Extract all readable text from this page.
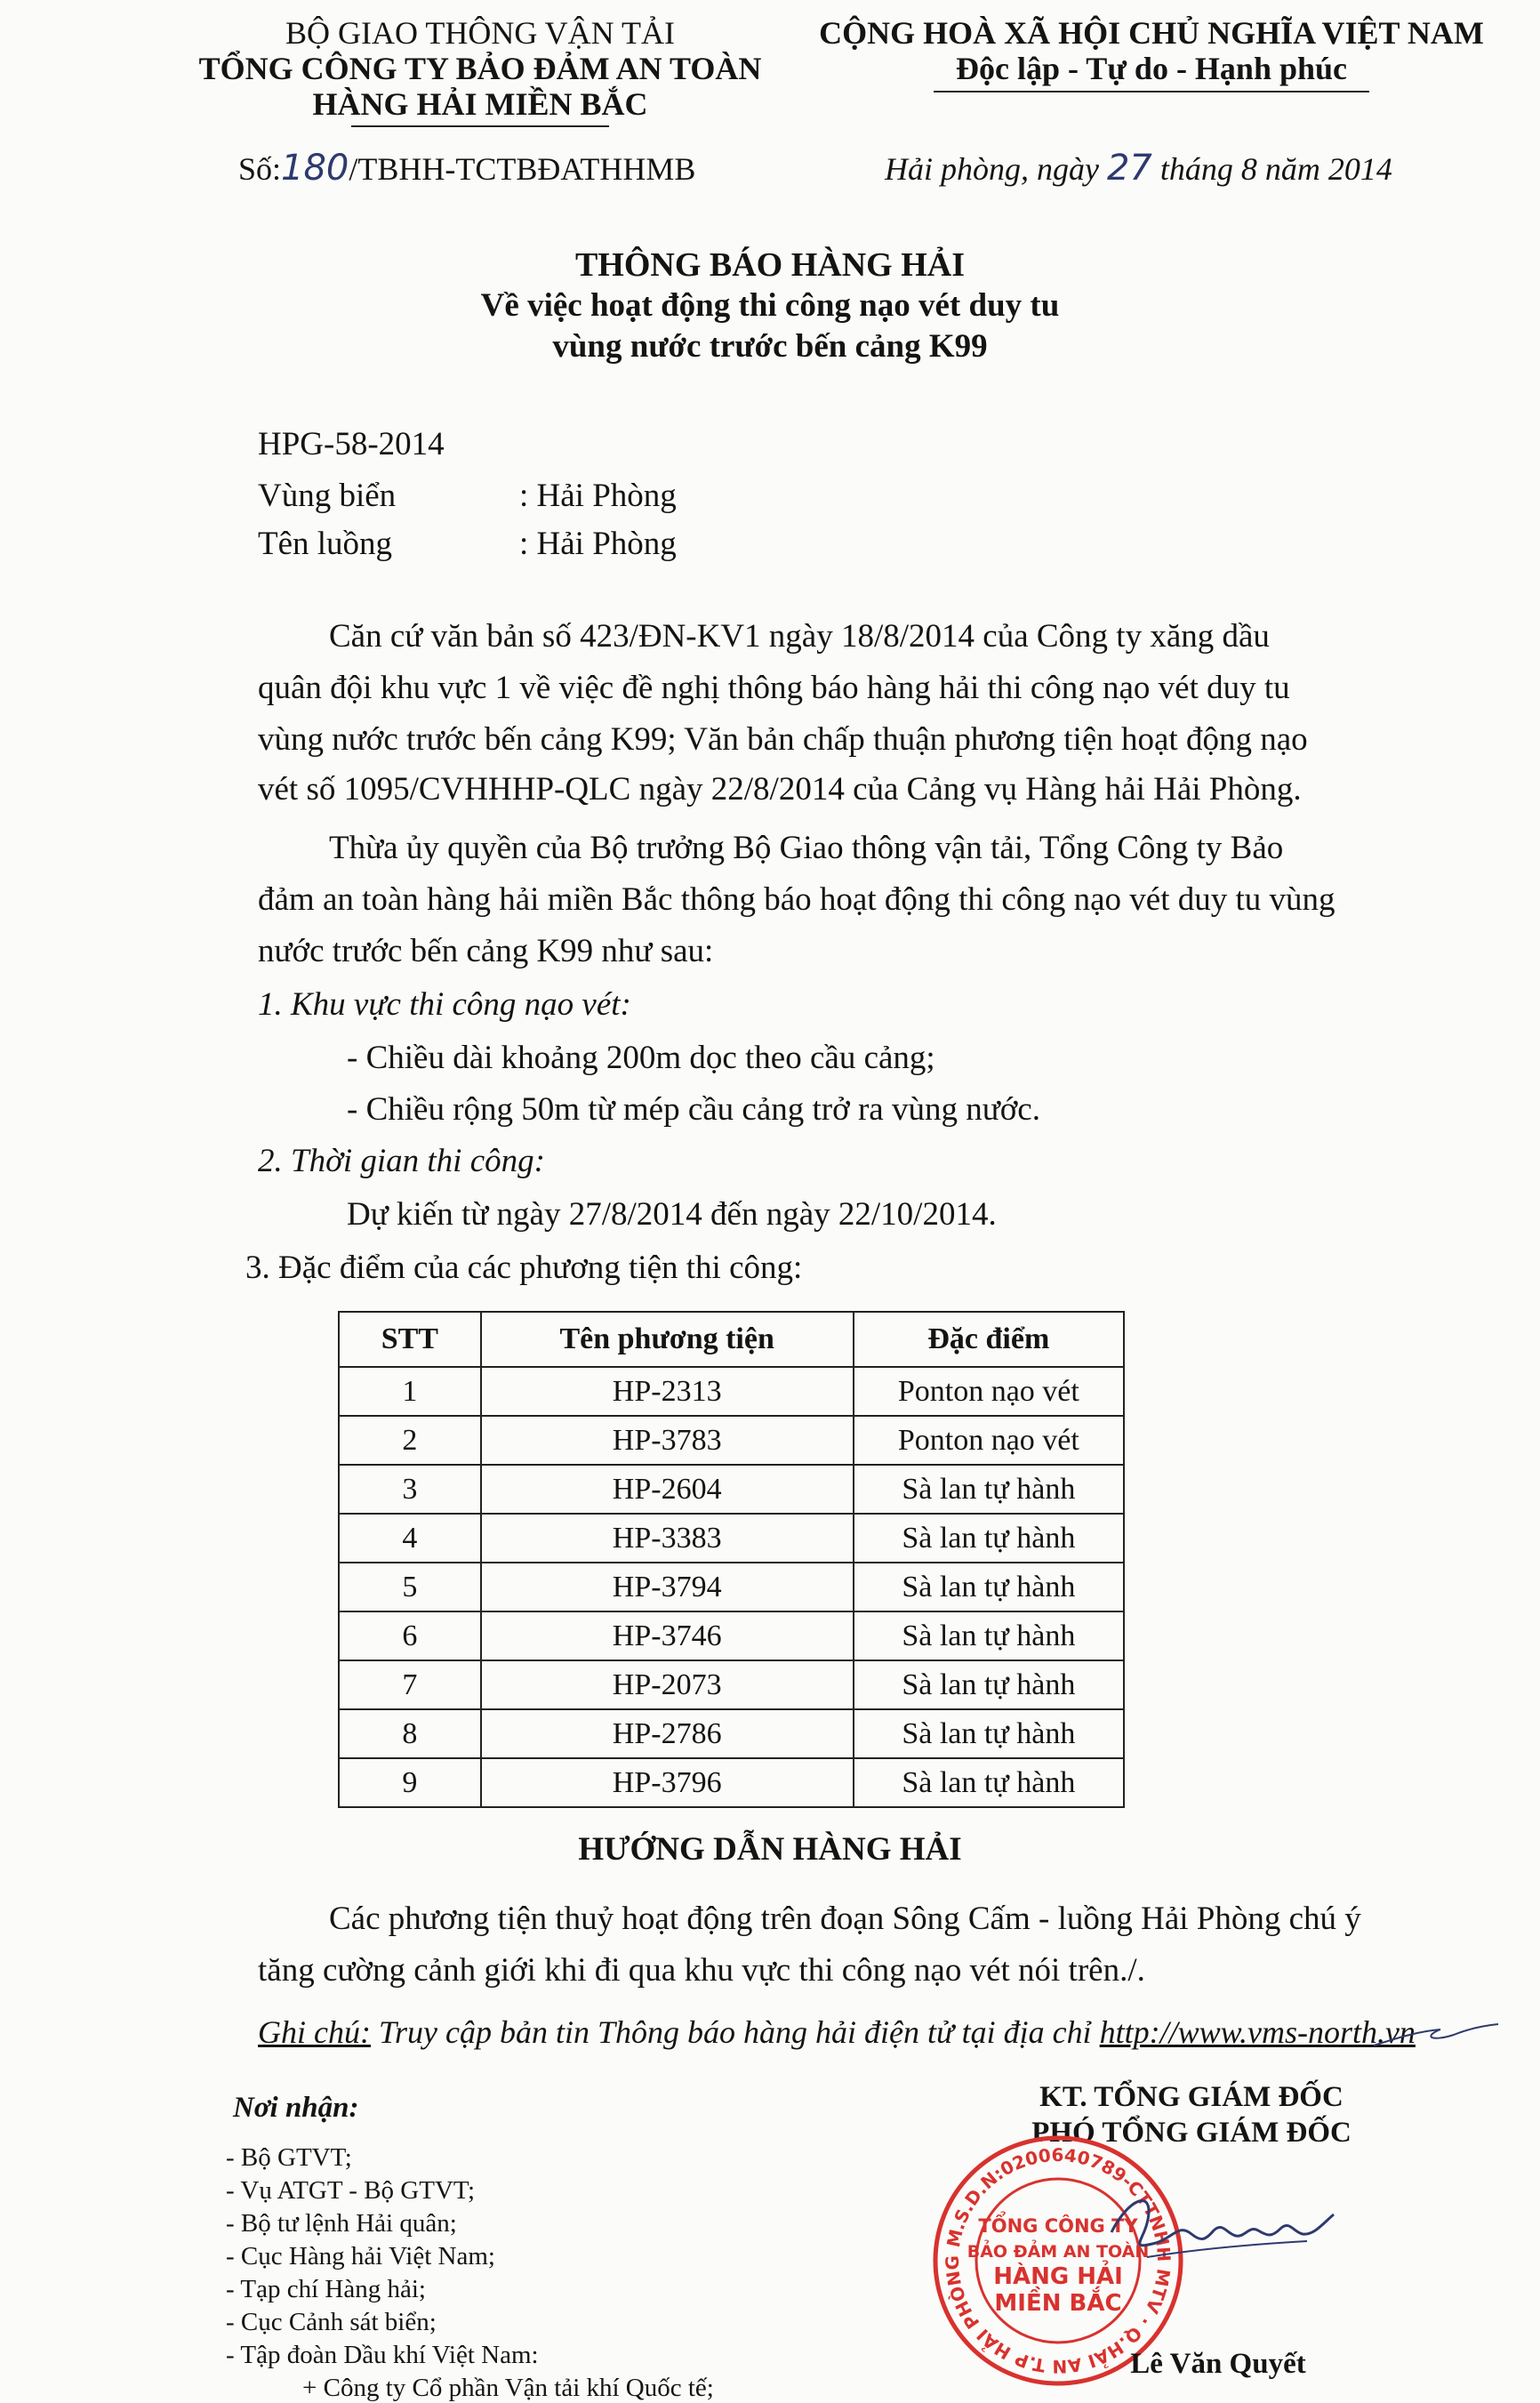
BỘ GIAO THÔNG VẬN TẢI
TỔNG CÔNG TY BẢO ĐẢM AN TOÀN
HÀNG HẢI MIỀN BẮC
Số:180/TBHH-TCTBĐATHHMB
CỘNG HOÀ XÃ HỘI CHỦ NGHĨA VIỆT NAM
Độc lập - Tự do - Hạnh phúc
Hải phòng, ngày 27 tháng 8 năm 2014
THÔNG BÁO HÀNG HẢI
Về việc hoạt động thi công nạo vét duy tu
vùng nước trước bến cảng K99
HPG-58-2014
Vùng biển	: Hải Phòng
Tên luồng	: Hải Phòng
Căn cứ văn bản số 423/ĐN-KV1 ngày 18/8/2014 của Công ty xăng dầu
quân đội khu vực 1 về việc đề nghị thông báo hàng hải thi công nạo vét duy tu
vùng nước trước bến cảng K99; Văn bản chấp thuận phương tiện hoạt động nạo
vét số 1095/CVHHHP-QLC ngày 22/8/2014 của Cảng vụ Hàng hải Hải Phòng.
Thừa ủy quyền của Bộ trưởng Bộ Giao thông vận tải, Tổng Công ty Bảo
đảm an toàn hàng hải miền Bắc thông báo hoạt động thi công nạo vét duy tu vùng
nước trước bến cảng K99 như sau:
1. Khu vực thi công nạo vét:
- Chiều dài khoảng 200m dọc theo cầu cảng;
- Chiều rộng 50m từ mép cầu cảng trở ra vùng nước.
2. Thời gian thi công:
Dự kiến từ ngày 27/8/2014 đến ngày 22/10/2014.
3. Đặc điểm của các phương tiện thi công:
STT	Tên phương tiện	Đặc điểm
1	HP-2313	Ponton nạo vét
2	HP-3783	Ponton nạo vét
3	HP-2604	Sà lan tự hành
4	HP-3383	Sà lan tự hành
5	HP-3794	Sà lan tự hành
6	HP-3746	Sà lan tự hành
7	HP-2073	Sà lan tự hành
8	HP-2786	Sà lan tự hành
9	HP-3796	Sà lan tự hành
HƯỚNG DẪN HÀNG HẢI
Các phương tiện thuỷ hoạt động trên đoạn Sông Cấm - luồng Hải Phòng chú ý
tăng cường cảnh giới khi đi qua khu vực thi công nạo vét nói trên./.
Ghi chú: Truy cập bản tin Thông báo hàng hải điện tử tại địa chỉ http://www.vms-north.vn
Nơi nhận:
- Bộ GTVT;
- Vụ ATGT - Bộ GTVT;
- Bộ tư lệnh Hải quân;
- Cục Hàng hải Việt Nam;
- Tạp chí Hàng hải;
- Cục Cảnh sát biển;
- Tập đoàn Dầu khí Việt Nam:
+ Công ty Cổ phần Vận tải khí Quốc tế;
KT. TỔNG GIÁM ĐỐC
PHÓ TỔNG GIÁM ĐỐC
M.S.D.N:0200640789-CTTNHH MTV · Q.HẢI AN T.P HẢI PHÒNG
TỔNG CÔNG TY
BẢO ĐẢM AN TOÀN
HÀNG HẢI
MIỀN BẮC
Lê Văn Quyết
